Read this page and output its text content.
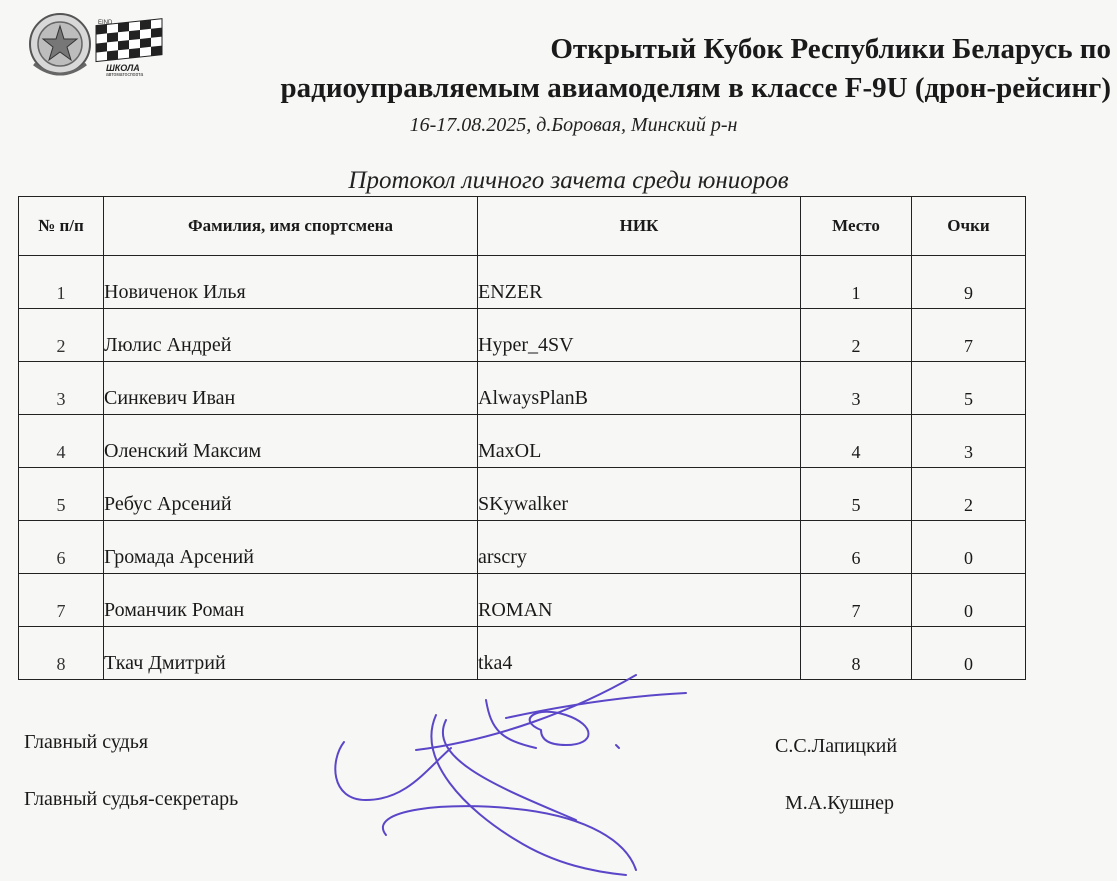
EIND
ШКОЛА
автоматоспорта
Открытый Кубок Республики Беларусь по
радиоуправляемым авиамоделям в классе F-9U (дрон-рейсинг)
16-17.08.2025, д.Боровая, Минский р-н
Протокол личного зачета среди юниоров
№ п/п	Фамилия, имя спортсмена	НИК	Место	Очки
1	Новиченок Илья	ENZER	1	9
2	Люлис Андрей	Hyper_4SV	2	7
3	Синкевич Иван	AlwaysPlanB	3	5
4	Оленский Максим	MaxOL	4	3
5	Ребус Арсений	SKywalker	5	2
6	Громада Арсений	arscry	6	0
7	Романчик Роман	ROMAN	7	0
8	Ткач Дмитрий	tka4	8	0
Главный судья
Главный судья-секретарь
С.С.Лапицкий
М.А.Кушнер
